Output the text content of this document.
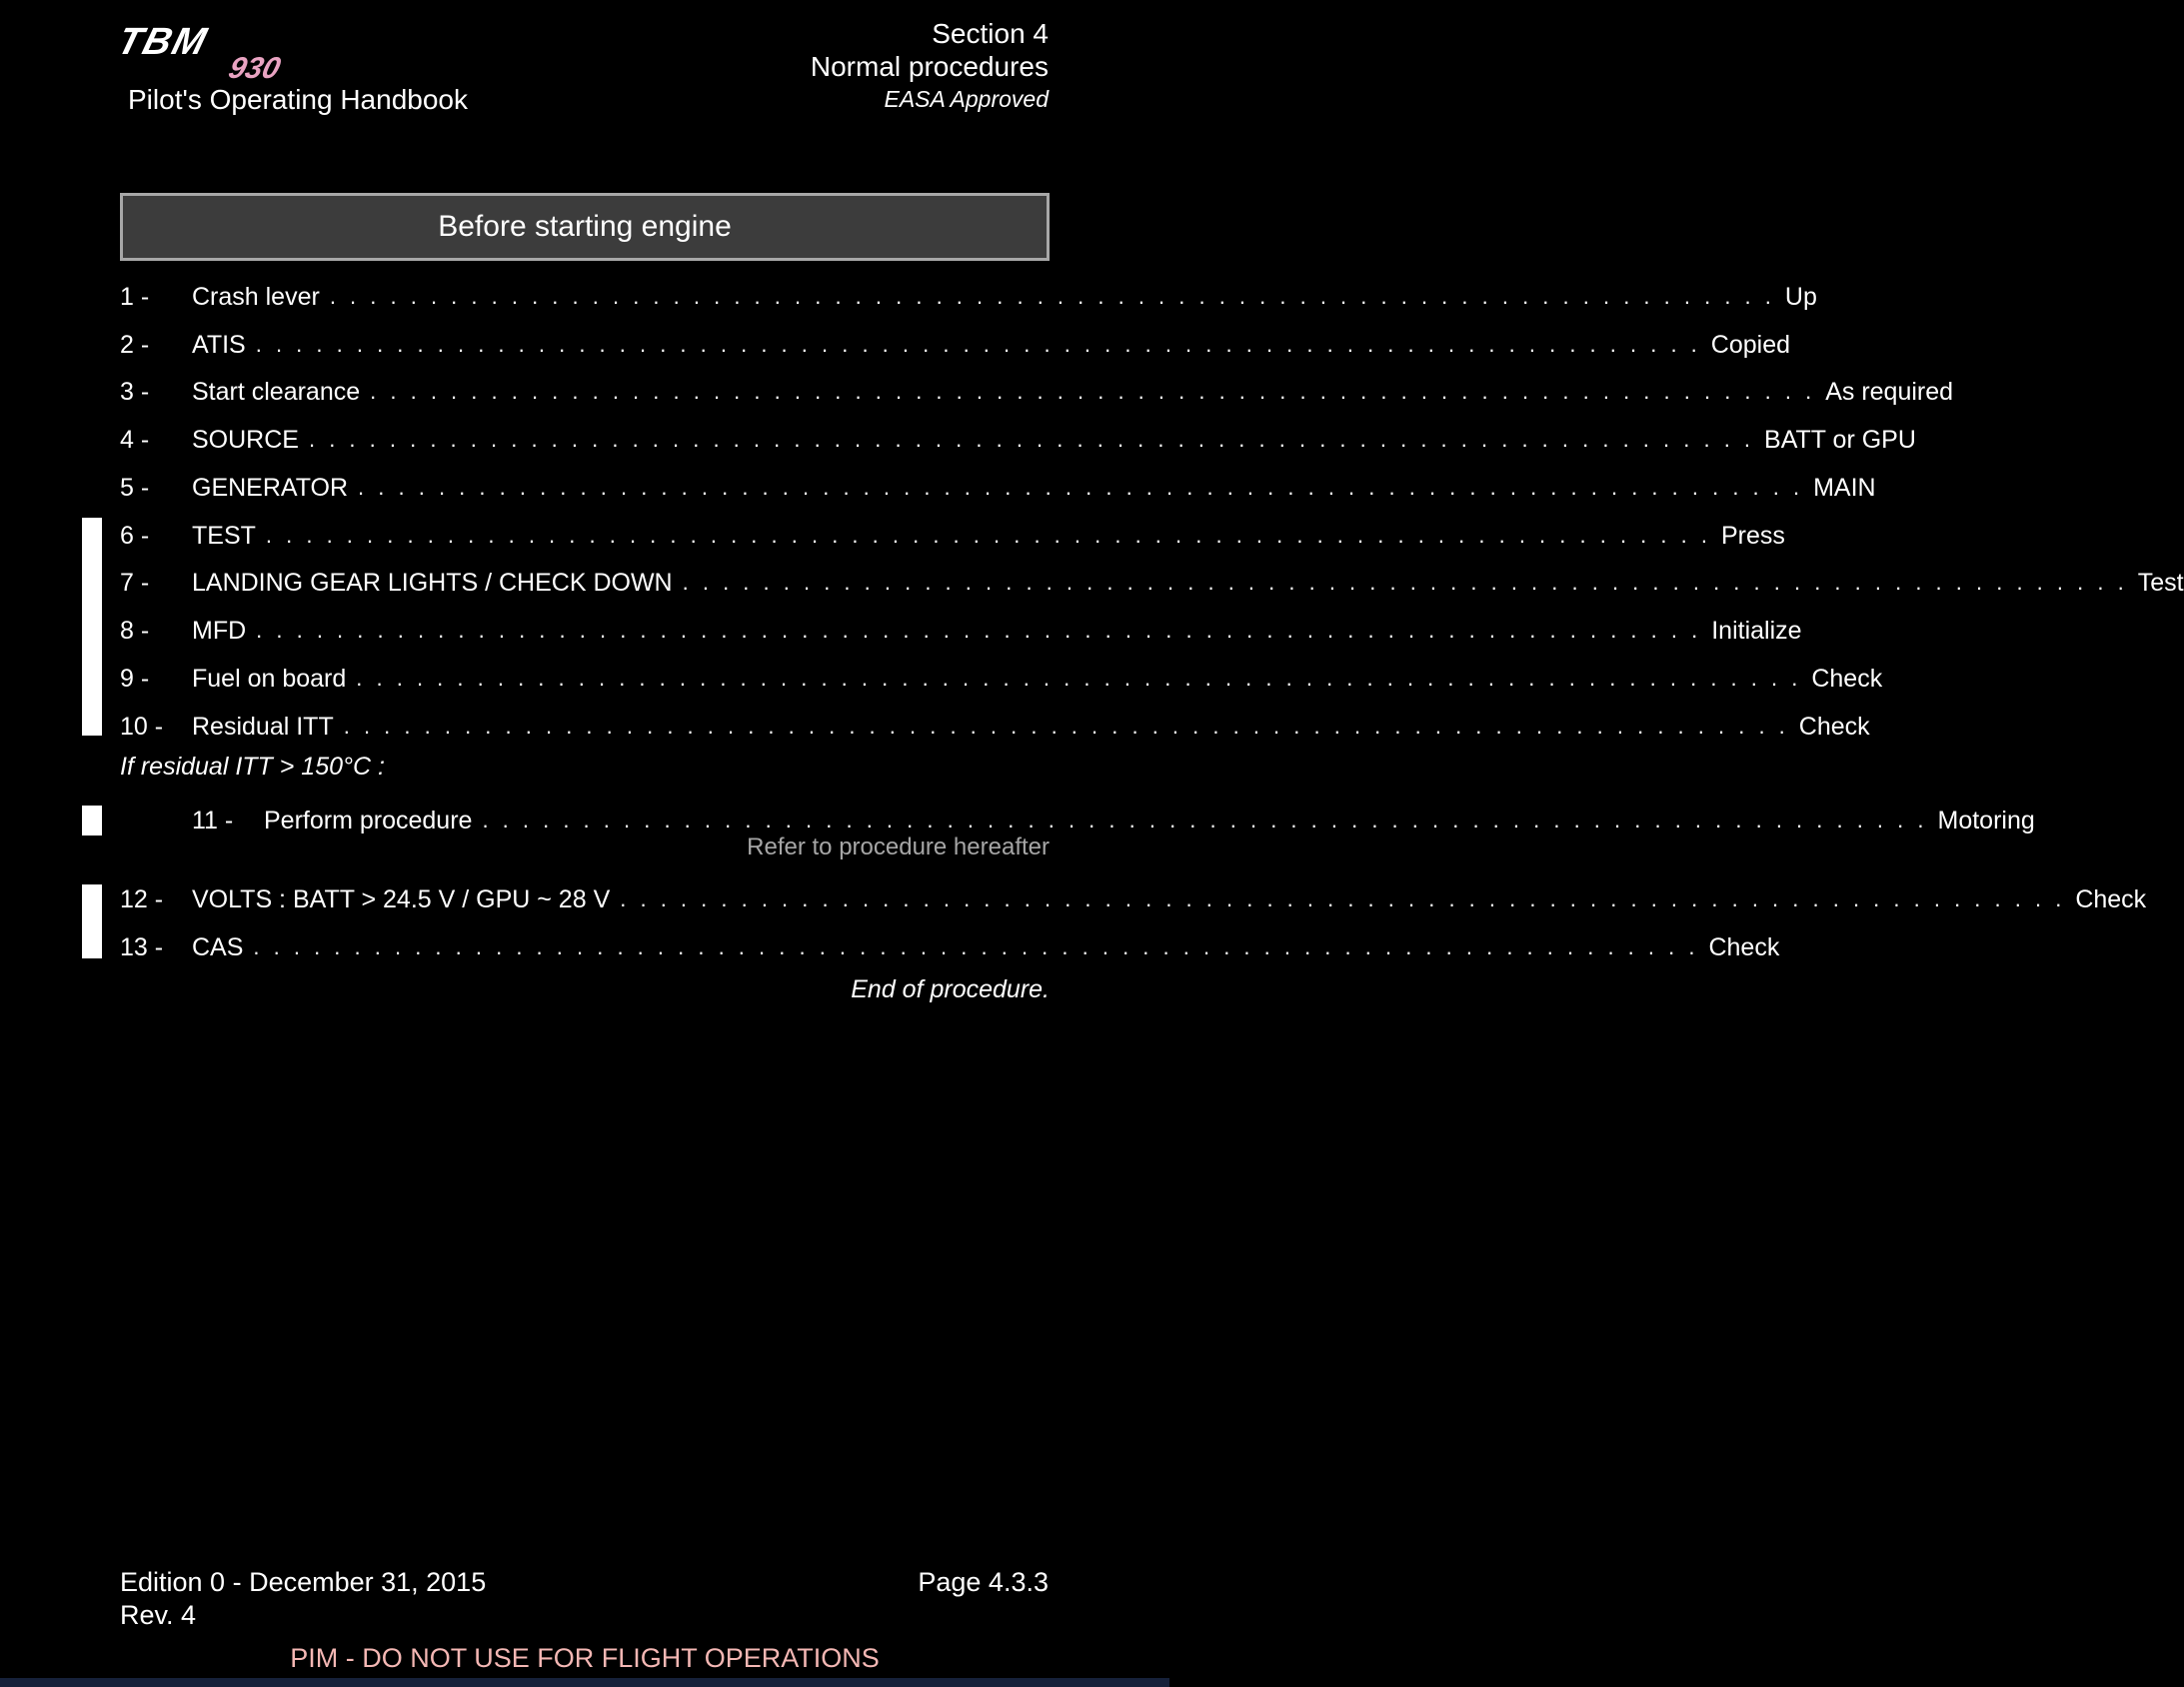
TBM
930
Pilot's Operating Handbook
Section 4
Normal procedures
EASA Approved
Before starting engine
1 -	Crash lever . . . . . . . . . . . . . . . . . . . . . . . . . . . . . . . . . . . . . . . . . . . . . . . . . . . . . . . . . . . . . . . . . . . . . . . . Up
2 -	ATIS . . . . . . . . . . . . . . . . . . . . . . . . . . . . . . . . . . . . . . . . . . . . . . . . . . . . . . . . . . . . . . . . . . . . . . . . Copied
3 -	Start clearance . . . . . . . . . . . . . . . . . . . . . . . . . . . . . . . . . . . . . . . . . . . . . . . . . . . . . . . . . . . . . . . . . . . . . . . . As required
4 -	SOURCE . . . . . . . . . . . . . . . . . . . . . . . . . . . . . . . . . . . . . . . . . . . . . . . . . . . . . . . . . . . . . . . . . . . . . . . . BATT or GPU
5 -	GENERATOR . . . . . . . . . . . . . . . . . . . . . . . . . . . . . . . . . . . . . . . . . . . . . . . . . . . . . . . . . . . . . . . . . . . . . . . . MAIN
6 -	TEST . . . . . . . . . . . . . . . . . . . . . . . . . . . . . . . . . . . . . . . . . . . . . . . . . . . . . . . . . . . . . . . . . . . . . . . . Press
7 -	LANDING GEAR LIGHTS / CHECK DOWN . . . . . . . . . . . . . . . . . . . . . . . . . . . . . . . . . . . . . . . . . . . . . . . . . . . . . . . . . . . . . . . . . . . . . . . . Test
8 -	MFD . . . . . . . . . . . . . . . . . . . . . . . . . . . . . . . . . . . . . . . . . . . . . . . . . . . . . . . . . . . . . . . . . . . . . . . . Initialize
9 -	Fuel on board . . . . . . . . . . . . . . . . . . . . . . . . . . . . . . . . . . . . . . . . . . . . . . . . . . . . . . . . . . . . . . . . . . . . . . . . Check
10 -	Residual ITT . . . . . . . . . . . . . . . . . . . . . . . . . . . . . . . . . . . . . . . . . . . . . . . . . . . . . . . . . . . . . . . . . . . . . . . . Check
If residual ITT > 150°C :
11 -	Perform procedure . . . . . . . . . . . . . . . . . . . . . . . . . . . . . . . . . . . . . . . . . . . . . . . . . . . . . . . . . . . . . . . . . . . . . . . . Motoring
Refer to procedure hereafter
12 -	VOLTS : BATT > 24.5 V / GPU ~ 28 V . . . . . . . . . . . . . . . . . . . . . . . . . . . . . . . . . . . . . . . . . . . . . . . . . . . . . . . . . . . . . . . . . . . . . . . . Check
13 -	CAS . . . . . . . . . . . . . . . . . . . . . . . . . . . . . . . . . . . . . . . . . . . . . . . . . . . . . . . . . . . . . . . . . . . . . . . . Check
End of procedure.
Edition 0 - December 31, 2015
Rev. 4
Page 4.3.3
PIM - DO NOT USE FOR FLIGHT OPERATIONS
